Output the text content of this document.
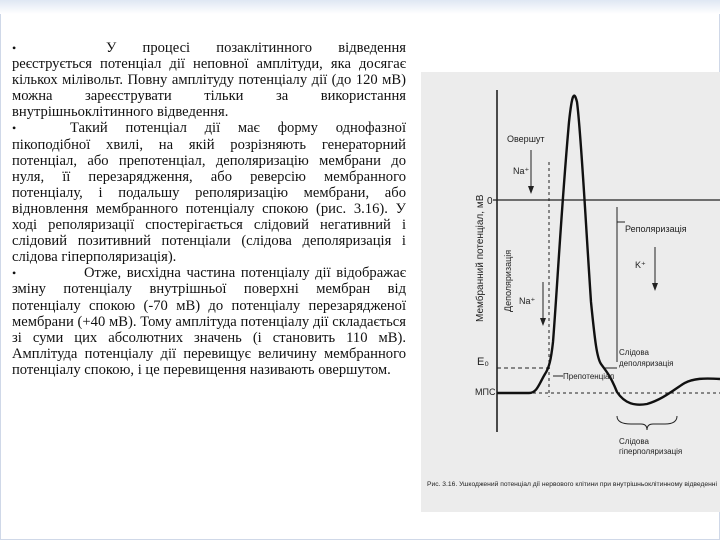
•	У процесі позаклітинного відведення реєструється потенціал дії неповної амплітуди, яка досягає кількох мілівольт. Повну амплітуду потенціалу дії (до 120 мВ) можна зареєструвати тільки за використання внутрішньоклітинного відведення.

•	Такий потенціал дії має форму однофазної пікоподібної хвилі, на якій розрізняють генераторний потенціал, або препотенціал, деполяризацію мембрани до нуля, її перезарядження, або реверсію мембранного потенціалу, і подальшу реполяризацію мембрани, або відновлення мембранного потенціалу спокою (рис. 3.16). У ході реполяризації спостерігається слідовий негативний і слідовий позитивний потенціали (слідова деполяризація і слідова гіперполяризація).

•	Отже, висхідна частина потенціалу дії відображає зміну потенціалу внутрішньої поверхні мембран від потенціалу спокою (-70 мВ) до потенціалу перезарядженої мембрани (+40 мВ). Тому амплітуда потенціалу дії складається зі суми цих абсолютних значень (і становить 110 мВ). Амплітуда потенціалу дії перевищує величину мембранного потенціалу спокою, і це перевищення називають овершутом.

Мембранний потенціал, мВ 0
E₀
МПС
Овершут
Na⁺
Реполяризація
K⁺
Деполяризація Na⁺
Препотенціал
Слідова
деполяризація
Слідова
гіперполяризація
Рис. 3.16. Ушкоджений потенціал дії нервового клітини при внутрішньоклітинному відведенні
